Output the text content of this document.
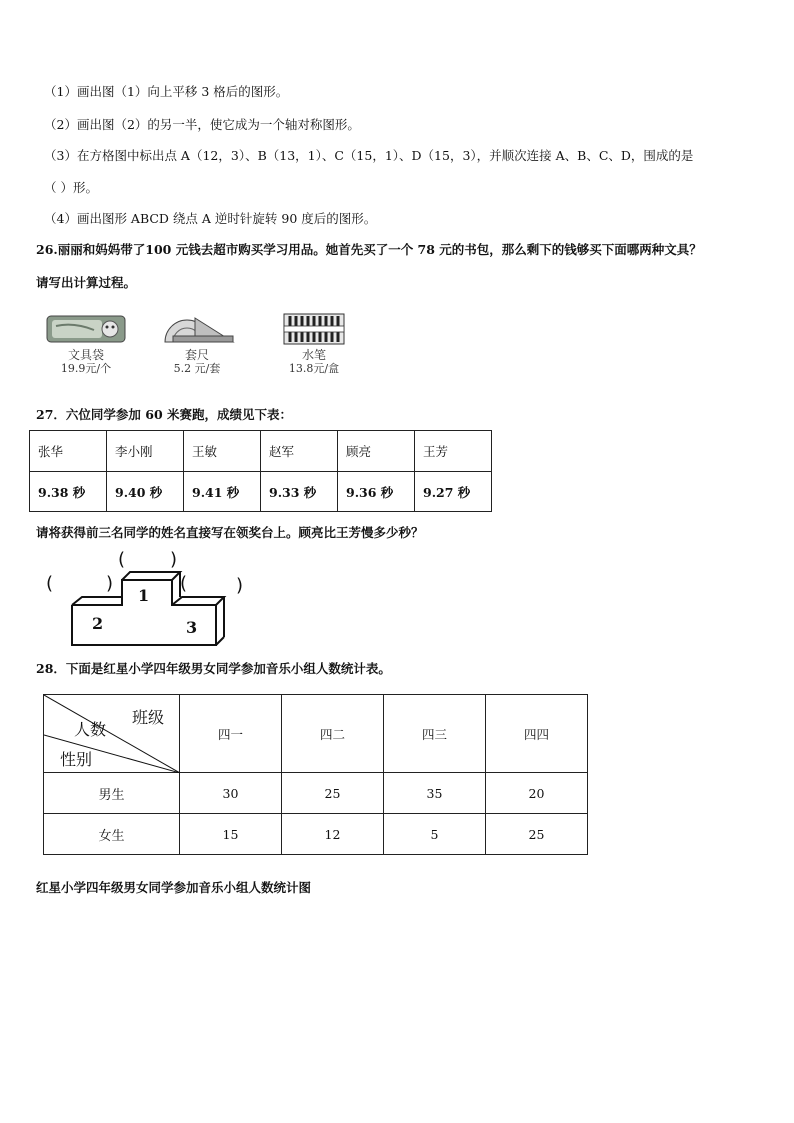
（1）画出图（1）向上平移 3 格后的图形。
（2）画出图（2）的另一半，使它成为一个轴对称图形。
（3）在方格图中标出点 A（12，3）、B（13，1）、C（15，1）、D（15，3），并顺次连接 A、B、C、D，围成的是
（ ）形。
（4）画出图形 ABCD 绕点 A 逆时针旋转 90 度后的图形。
26.丽丽和妈妈带了100 元钱去超市购买学习用品。她首先买了一个 78 元的书包，那么剩下的钱够买下面哪两种文具？
请写出计算过程。
文具袋
19.9元/个
套尺
5.2 元/套
水笔
13.8元/盒
27．六位同学参加 60 米赛跑，成绩见下表：
张华	李小刚	王敏	赵军	顾亮	王芳
9.38 秒	9.40 秒	9.41 秒	9.33 秒	9.36 秒	9.27 秒
请将获得前三名同学的姓名直接写在领奖台上。顾亮比王芳慢多少秒？
1
2	3
( )
(	)	(	)
28．下面是红星小学四年级男女同学参加音乐小组人数统计表。
班级
人数
性别	四一	四二	四三	四四
男生	30	25	35	20
女生	15	12	5	25
红星小学四年级男女同学参加音乐小组人数统计图
